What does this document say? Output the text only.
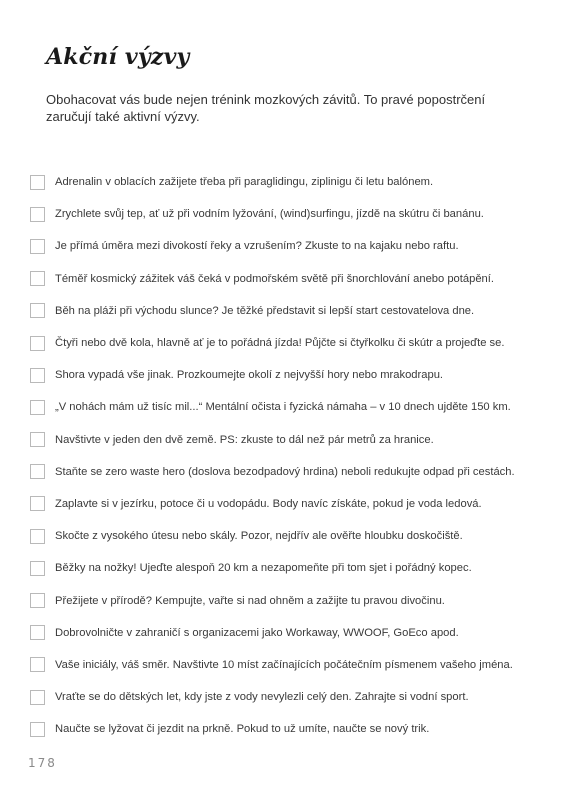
Akční výzvy
Obohacovat vás bude nejen trénink mozkových závitů. To pravé popostrčení zaručují také aktivní výzvy.
Adrenalin v oblacích zažijete třeba při paraglidingu, ziplinigu či letu balónem.
Zrychlete svůj tep, ať už při vodním lyžování, (wind)surfingu, jízdě na skútru či banánu.
Je přímá úměra mezi divokostí řeky a vzrušením? Zkuste to na kajaku nebo raftu.
Téměř kosmický zážitek váš čeká v podmořském světě při šnorchlování anebo potápění.
Běh na pláži při východu slunce? Je těžké představit si lepší start cestovatelova dne.
Čtyři nebo dvě kola, hlavně ať je to pořádná jízda! Půjčte si čtyřkolku či skútr a projeďte se.
Shora vypadá vše jinak. Prozkoumejte okolí z nejvyšší hory nebo mrakodrapu.
„V nohách mám už tisíc mil...“ Mentální očista i fyzická námaha – v 10 dnech ujděte 150 km.
Navštivte v jeden den dvě země. PS: zkuste to dál než pár metrů za hranice.
Staňte se zero waste hero (doslova bezodpadový hrdina) neboli redukujte odpad při cestách.
Zaplavte si v jezírku, potoce či u vodopádu. Body navíc získáte, pokud je voda ledová.
Skočte z vysokého útesu nebo skály. Pozor, nejdřív ale ověřte hloubku doskočiště.
Běžky na nožky! Ujeďte alespoň 20 km a nezapomeňte při tom sjet i pořádný kopec.
Přežijete v přírodě? Kempujte, vařte si nad ohněm a zažijte tu pravou divočinu.
Dobrovolničte v zahraničí s organizacemi jako Workaway, WWOOF, GoEco apod.
Vaše iniciály, váš směr. Navštivte 10 míst začínajících počátečním písmenem vašeho jména.
Vraťte se do dětských let, kdy jste z vody nevylezli celý den. Zahrajte si vodní sport.
Naučte se lyžovat či jezdit na prkně. Pokud to už umíte, naučte se nový trik.
178
